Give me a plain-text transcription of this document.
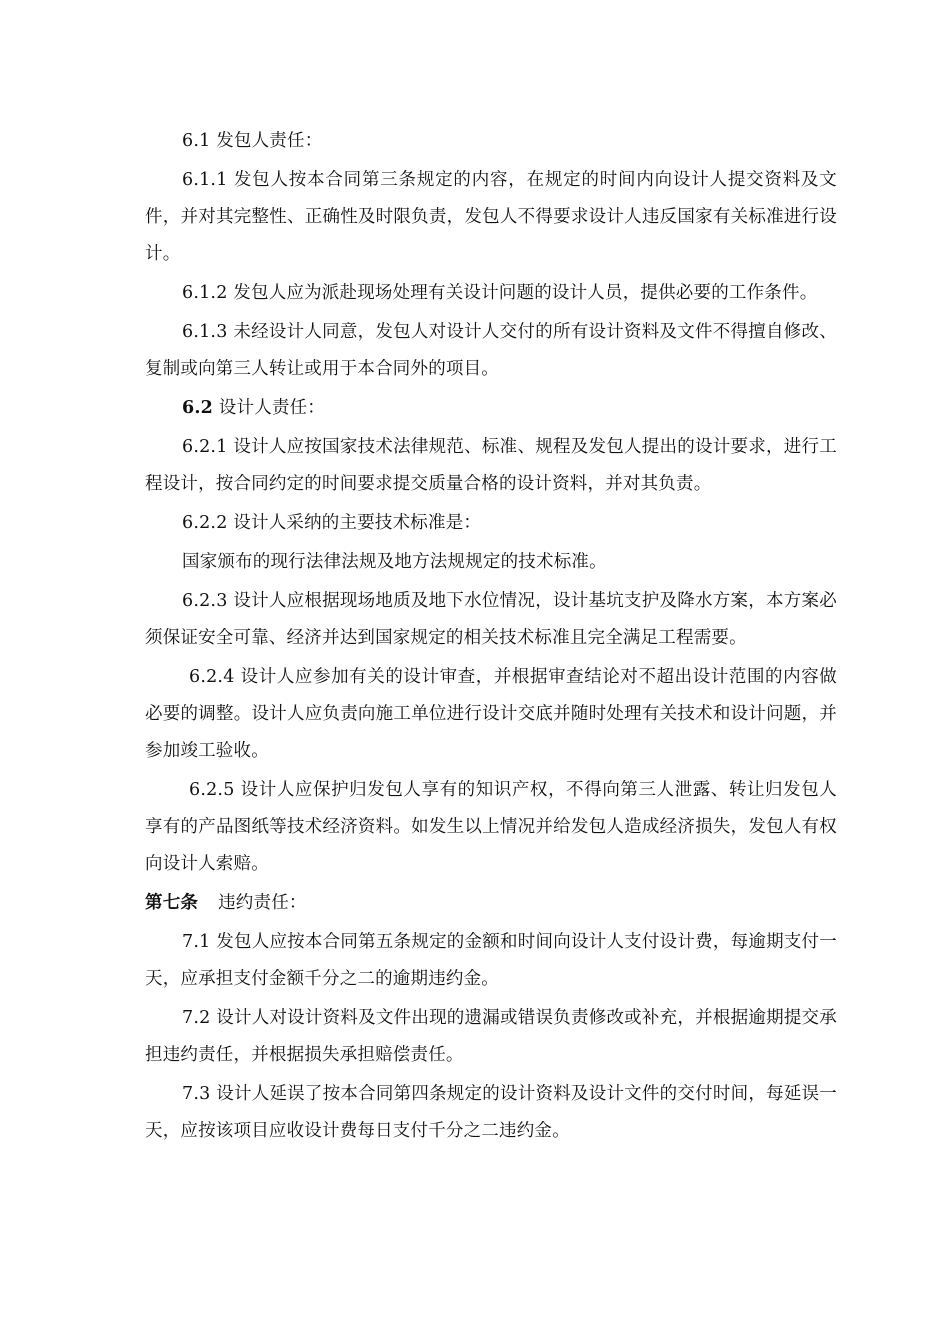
6.1 发包人责任：

6.1.1 发包人按本合同第三条规定的内容，在规定的时间内向设计人提交资料及文件，并对其完整性、正确性及时限负责，发包人不得要求设计人违反国家有关标准进行设计。

6.1.2 发包人应为派赴现场处理有关设计问题的设计人员，提供必要的工作条件。

6.1.3 未经设计人同意，发包人对设计人交付的所有设计资料及文件不得擅自修改、复制或向第三人转让或用于本合同外的项目。

6.2 设计人责任：

6.2.1 设计人应按国家技术法律规范、标准、规程及发包人提出的设计要求，进行工程设计，按合同约定的时间要求提交质量合格的设计资料，并对其负责。

6.2.2 设计人采纳的主要技术标准是：

国家颁布的现行法律法规及地方法规规定的技术标准。

6.2.3 设计人应根据现场地质及地下水位情况，设计基坑支护及降水方案，本方案必须保证安全可靠、经济并达到国家规定的相关技术标准且完全满足工程需要。

6.2.4 设计人应参加有关的设计审查，并根据审查结论对不超出设计范围的内容做必要的调整。设计人应负责向施工单位进行设计交底并随时处理有关技术和设计问题，并参加竣工验收。

6.2.5 设计人应保护归发包人享有的知识产权，不得向第三人泄露、转让归发包人享有的产品图纸等技术经济资料。如发生以上情况并给发包人造成经济损失，发包人有权向设计人索赔。

第七条 违约责任：

7.1 发包人应按本合同第五条规定的金额和时间向设计人支付设计费，每逾期支付一天，应承担支付金额千分之二的逾期违约金。

7.2 设计人对设计资料及文件出现的遗漏或错误负责修改或补充，并根据逾期提交承担违约责任，并根据损失承担赔偿责任。

7.3 设计人延误了按本合同第四条规定的设计资料及设计文件的交付时间，每延误一天，应按该项目应收设计费每日支付千分之二违约金。
